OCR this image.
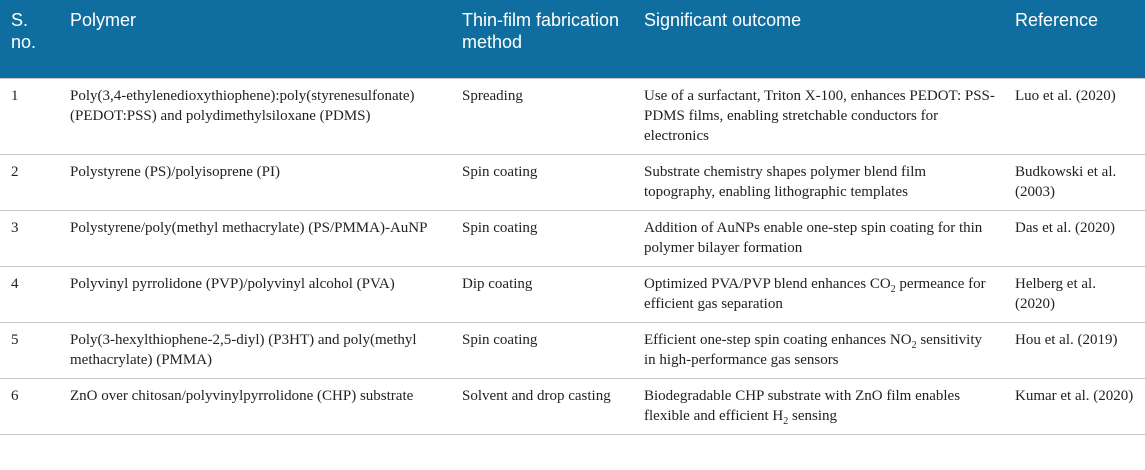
S. no.	Polymer	Thin-film fabrication method	Significant outcome	Reference
1	Poly(3,4-ethylenedioxythiophene):poly(styrenesulfonate) (PEDOT:PSS) and polydimethylsiloxane (PDMS)	Spreading	Use of a surfactant, Triton X-100, enhances PEDOT: PSS-PDMS films, enabling stretchable conductors for electronics	Luo et al. (2020)
2	Polystyrene (PS)/polyisoprene (PI)	Spin coating	Substrate chemistry shapes polymer blend film topography, enabling lithographic templates	Budkowski et al. (2003)
3	Polystyrene/poly(methyl methacrylate) (PS/PMMA)-AuNP	Spin coating	Addition of AuNPs enable one-step spin coating for thin polymer bilayer formation	Das et al. (2020)
4	Polyvinyl pyrrolidone (PVP)/polyvinyl alcohol (PVA)	Dip coating	Optimized PVA/PVP blend enhances $CO_2$ permeance for efficient gas separation	Helberg et al. (2020)
5	Poly(3-hexylthiophene-2,5-diyl) (P3HT) and poly(methyl methacrylate) (PMMA)	Spin coating	Efficient one-step spin coating enhances $NO_2$ sensitivity in high-performance gas sensors	Hou et al. (2019)
6	ZnO over chitosan/polyvinylpyrrolidone (CHP) substrate	Solvent and drop casting	Biodegradable CHP substrate with ZnO film enables flexible and efficient $H_2$ sensing	Kumar et al. (2020)
